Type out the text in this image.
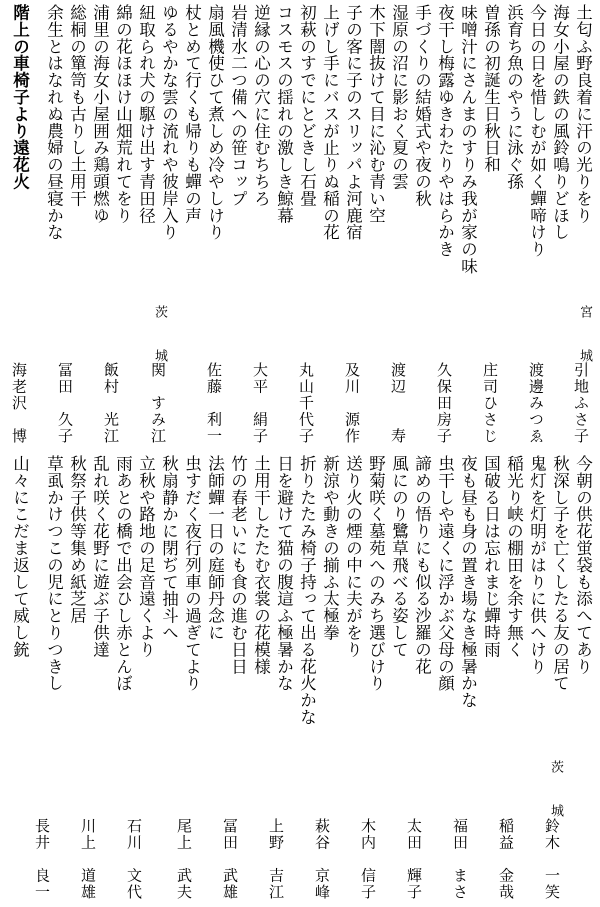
土匂ふ野良着に汗の光りをり
海女小屋の鉄の風鈴鳴りどほし
今日の日を惜しむが如く蟬啼けり
浜育ち魚のやうに泳ぐ孫
曽孫の初誕生日秋日和
味噌汁にさんまのすりみ我が家の味
夜干し梅露ゆきわたりやはらかき
手づくりの結婚式や夜の秋
湿原の沼に影おく夏の雲
木下闇抜けて目に沁む青い空
子の客に子のスリッパよ河鹿宿
上げし手にバスが止りぬ稲の花
初萩のすでにとどきし石畳
コスモスの揺れの激しき鯨幕
逆縁の心の穴に住むちちろ
岩清水二つ備への笹コップ
扇風機使ひて煮しめ冷やしけり
杖とめて行くも帰りも蟬の声
ゆるやかな雲の流れや彼岸入り
紐取られ犬の駆け出す青田径
綿の花ほほけ山畑荒れてをり
浦里の海女小屋囲み鶏頭燃ゆ
総桐の簞笥も古りし土用干
余生とはなれぬ農婦の昼寝かな
階上の車椅子より遠花火
宮　城
茨　城
引地ふさ子
渡邊みつゑ
庄司ひさじ
久保田房子
渡辺　　寿
及川　源作
丸山千代子
大平　絹子
佐藤　利一
関　すみ江
飯村　光江
冨田　久子
海老沢　博
今朝の供花蛍袋も添へてあり
秋深し子を亡くしたる友の居て
鬼灯を灯明がはりに供へけり
稲光り峡の棚田を余す無く
国破る日は忘れまじ蟬時雨
夜も昼も身の置き場なき極暑かな
虫干しや遠くに浮かぶ父母の顔
諦めの悟りにも似る沙羅の花
風にのり鷺草飛べる姿して
野菊咲く墓苑へのみち選びけり
送り火の煙の中に夫がをり
新涼や動きの揃ふ太極拳
折りたたみ椅子持って出る花火かな
日を避けて猫の腹這ふ極暑かな
土用干したたむ衣裳の花模様
竹の春老いにも食の進む日日
法師蟬一日の庭師丹念に
虫すだく夜行列車の過ぎてより
秋扇静かに閉ぢて抽斗へ
立秋や路地の足音遠くより
雨あとの橋で出会ひし赤とんぼ
乱れ咲く花野に遊ぶ子供達
秋祭子供等集め紙芝居
草虱かけつこの児にとりつきし
山々にこだま返して威し銃
茨　城
鈴木　一笑
稲益　金哉
福田　まさ
太田　輝子
木内　信子
萩谷　京峰
上野　吉江
冨田　武雄
尾上　武夫
石川　文代
川上　道雄
長井　良一
